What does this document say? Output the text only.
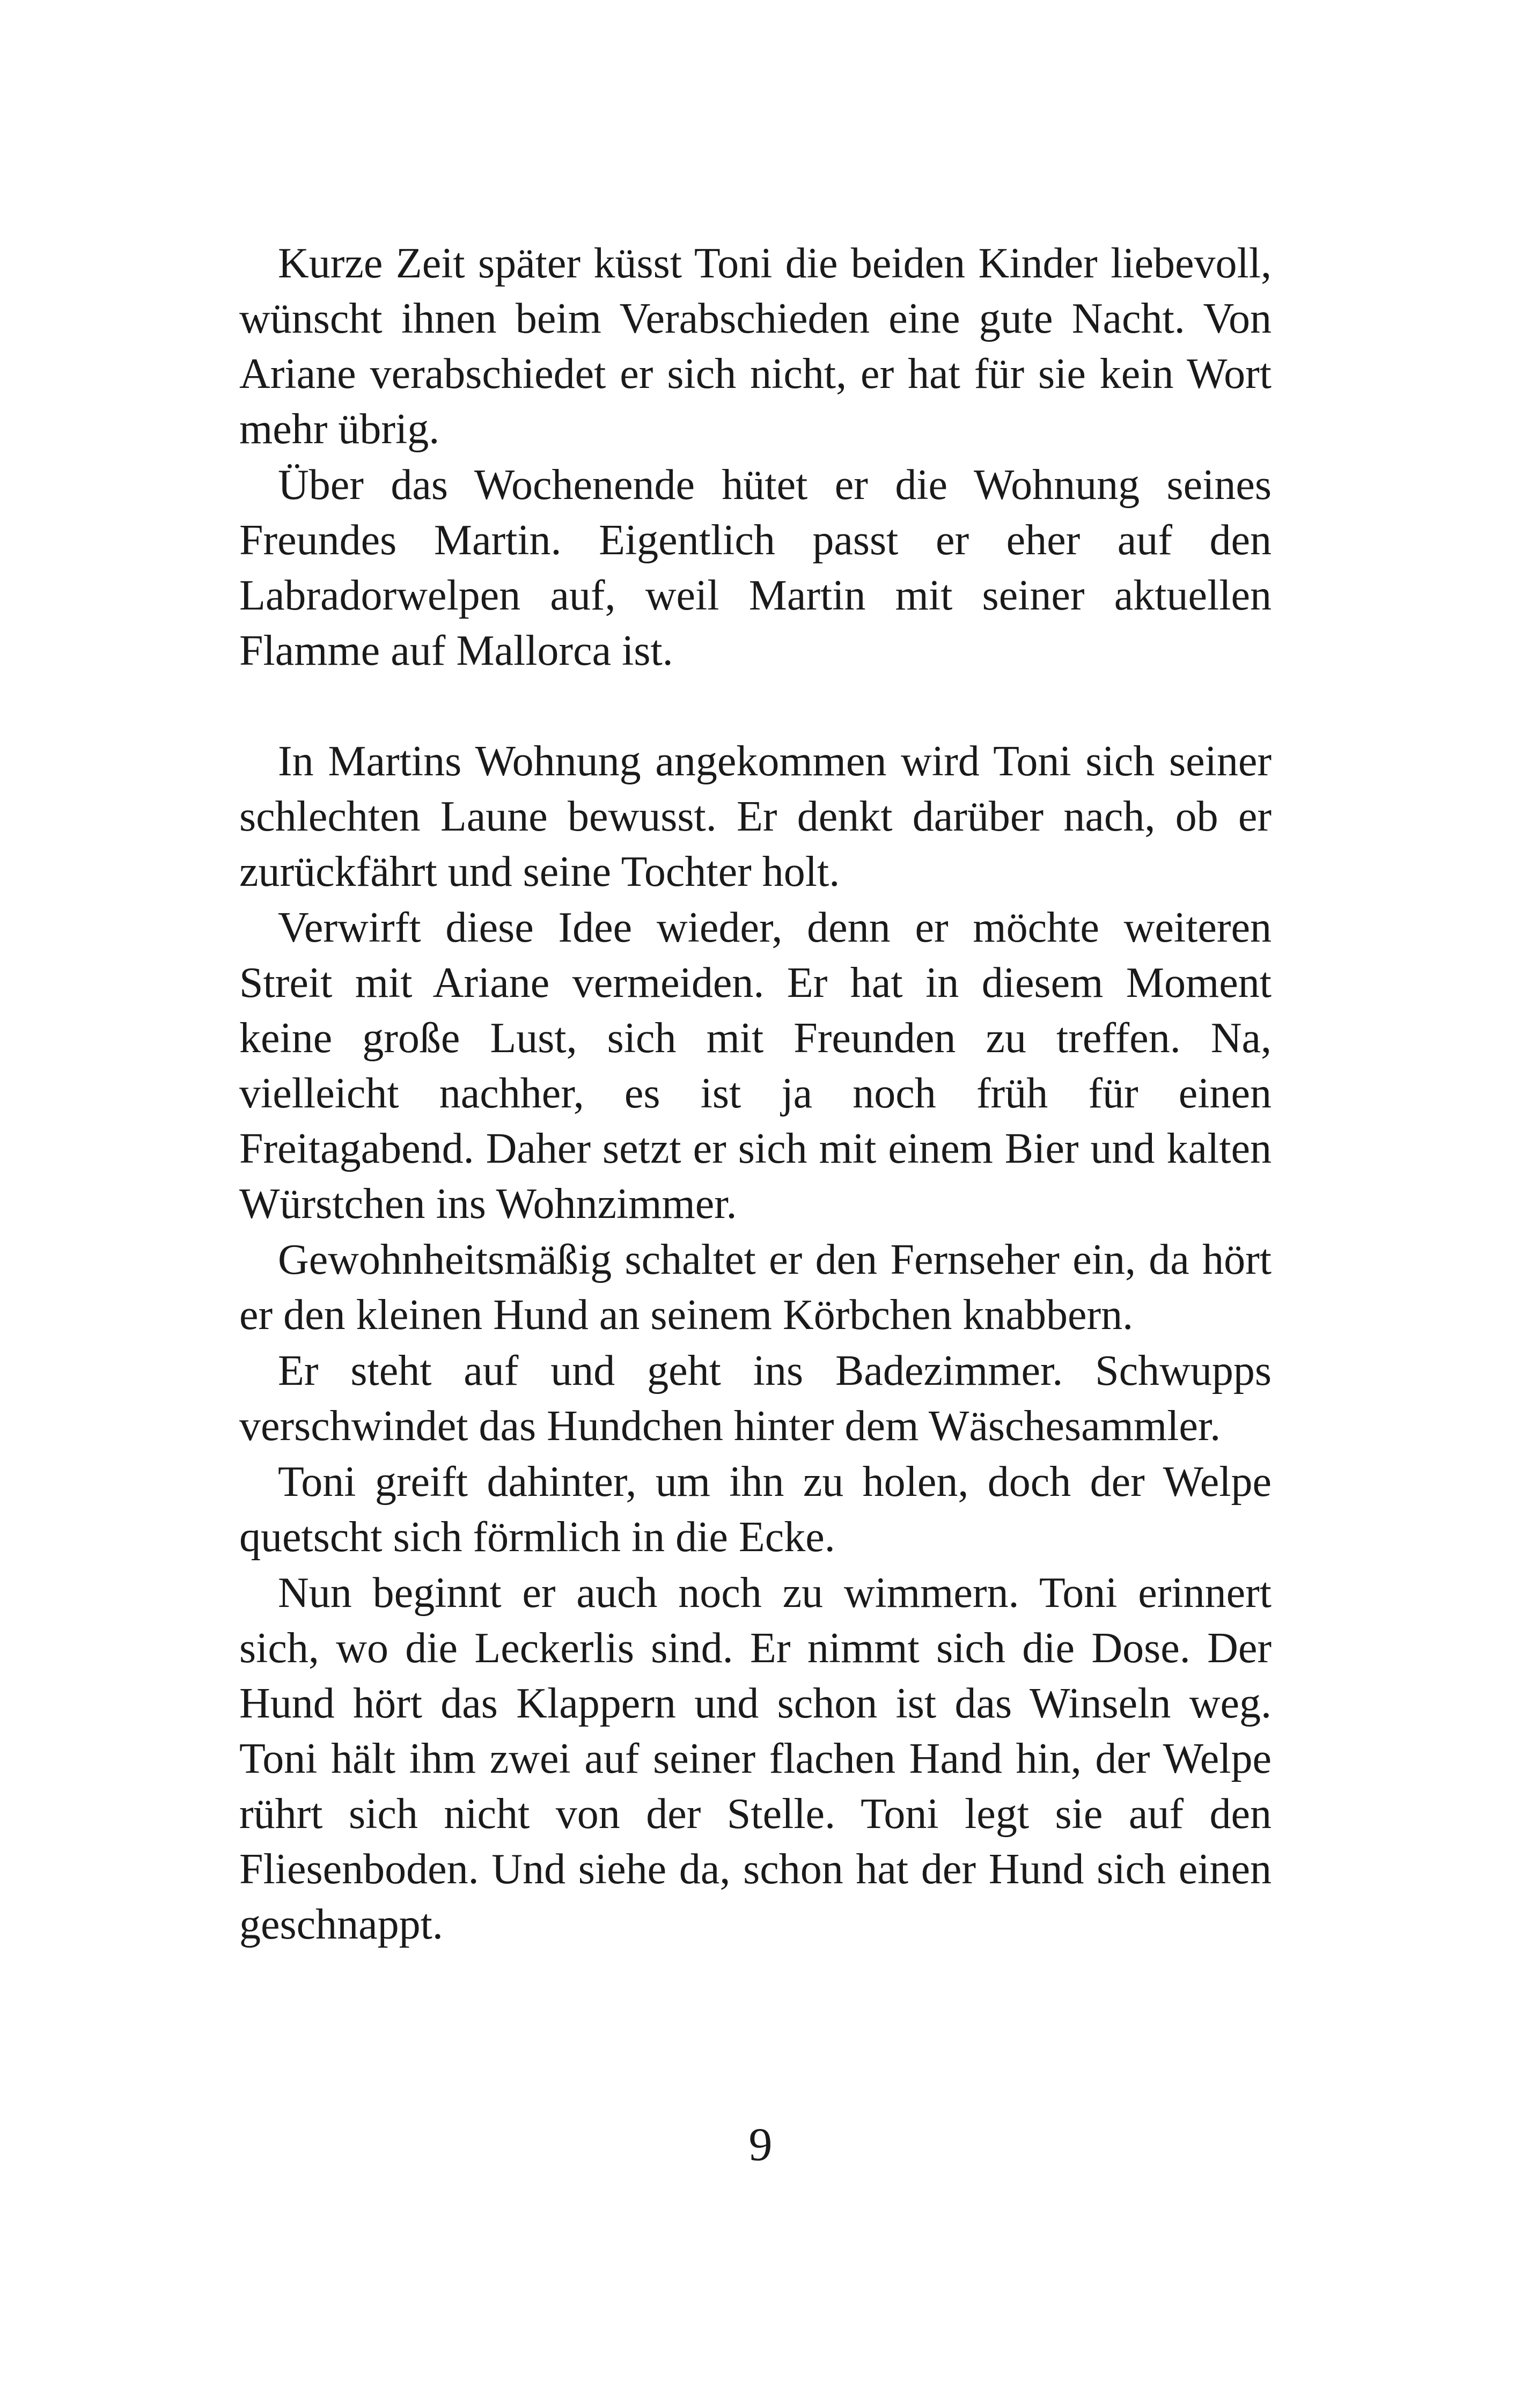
Kurze Zeit später küsst Toni die beiden Kinder liebevoll, wünscht ihnen beim Verabschieden eine gute Nacht. Von Ariane verabschiedet er sich nicht, er hat für sie kein Wort mehr übrig.

Über das Wochenende hütet er die Wohnung seines Freundes Martin. Eigentlich passt er eher auf den Labradorwelpen auf, weil Martin mit seiner aktuellen Flamme auf Mallorca ist.

In Martins Wohnung angekommen wird Toni sich seiner schlechten Laune bewusst. Er denkt darüber nach, ob er zurückfährt und seine Tochter holt.

Verwirft diese Idee wieder, denn er möchte weiteren Streit mit Ariane vermeiden. Er hat in diesem Moment keine große Lust, sich mit Freunden zu treffen. Na, vielleicht nachher, es ist ja noch früh für einen Freitagabend. Daher setzt er sich mit einem Bier und kalten Würstchen ins Wohnzimmer.

Gewohnheitsmäßig schaltet er den Fernseher ein, da hört er den kleinen Hund an seinem Körbchen knabbern.

Er steht auf und geht ins Badezimmer. Schwupps verschwindet das Hundchen hinter dem Wäschesammler.

Toni greift dahinter, um ihn zu holen, doch der Welpe quetscht sich förmlich in die Ecke.

Nun beginnt er auch noch zu wimmern. Toni erinnert sich, wo die Leckerlis sind. Er nimmt sich die Dose. Der Hund hört das Klappern und schon ist das Winseln weg. Toni hält ihm zwei auf seiner flachen Hand hin, der Welpe rührt sich nicht von der Stelle. Toni legt sie auf den Fliesenboden. Und siehe da, schon hat der Hund sich einen geschnappt.

9
